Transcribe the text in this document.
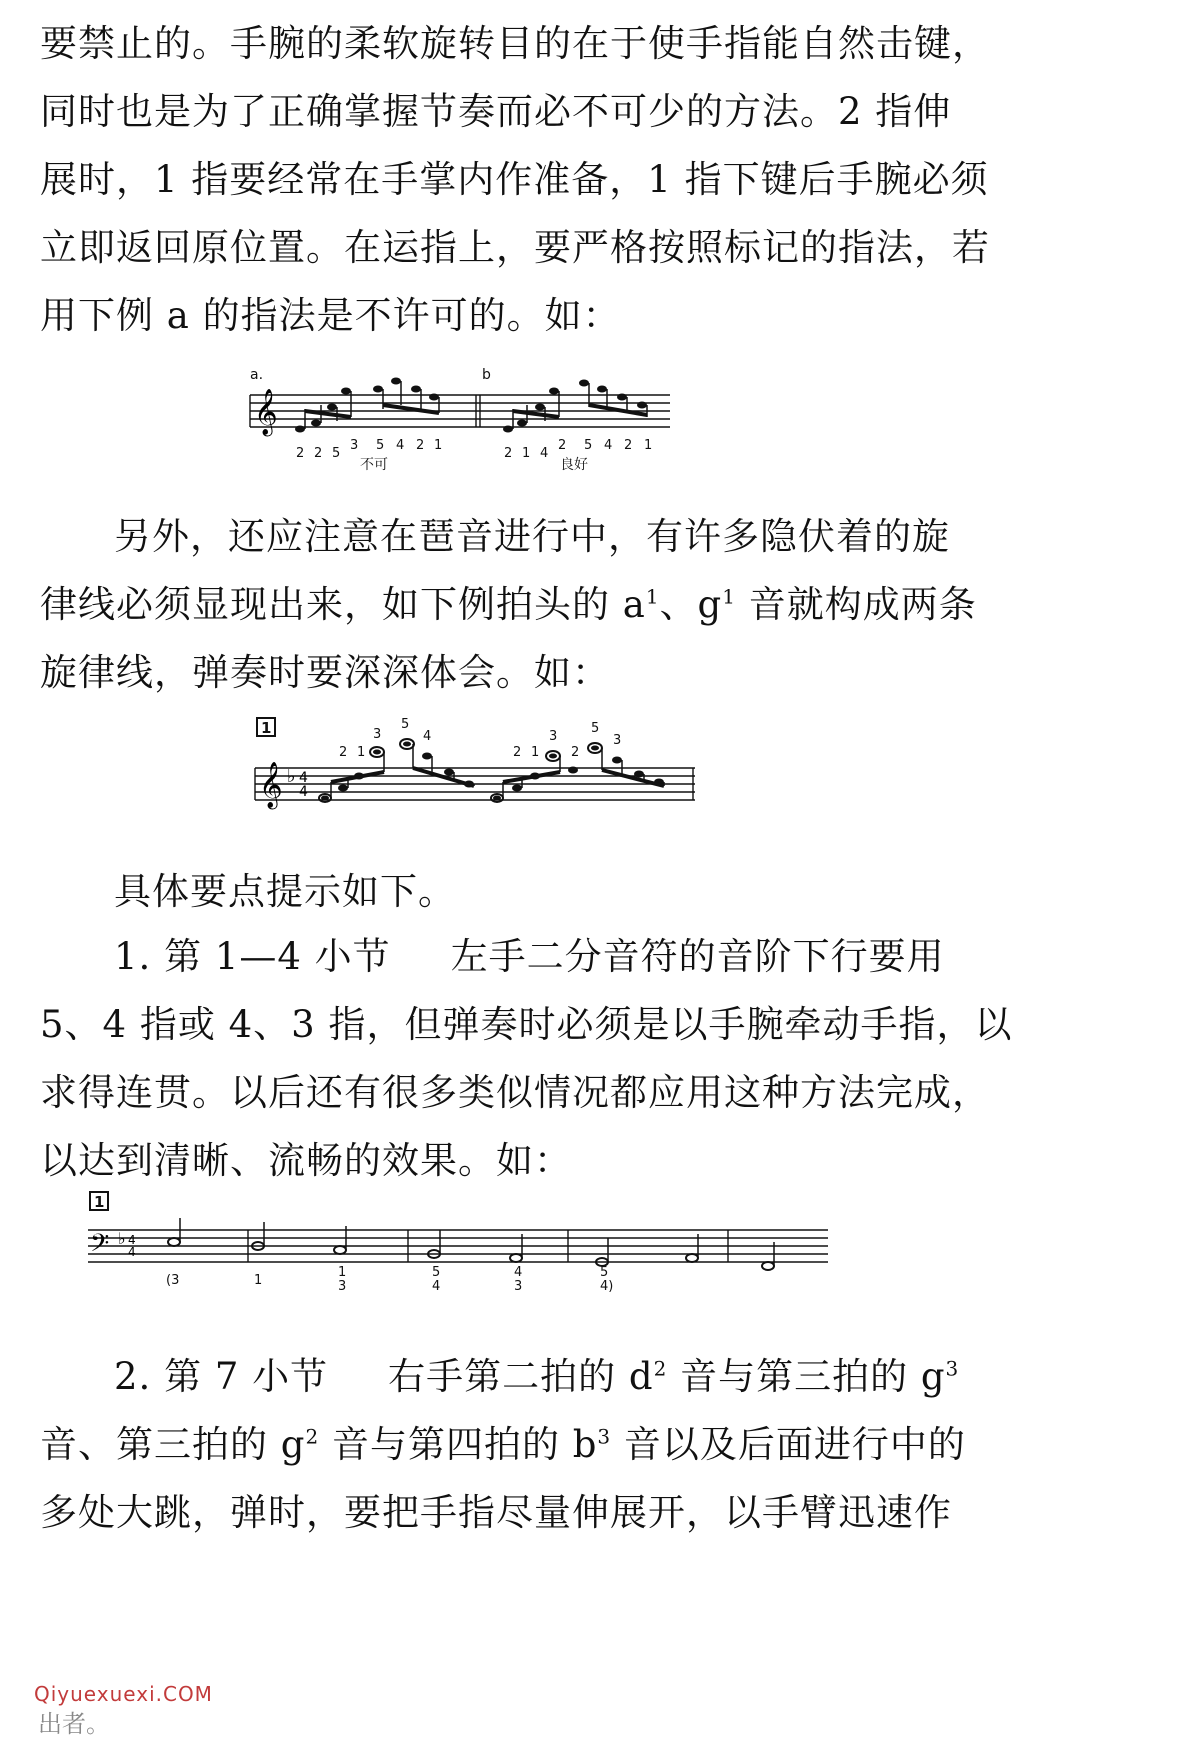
要禁止的。手腕的柔软旋转目的在于使手指能自然击键，
同时也是为了正确掌握节奏而必不可少的方法。2 指伸
展时，1 指要经常在手掌内作准备，1 指下键后手腕必须
立即返回原位置。在运指上，要严格按照标记的指法，若
用下例 a 的指法是不许可的。如：
a.	b
𝄞
2 2 5
3 5 4 2 1
不可
2 1 4
2 5 4 2 1
良好
另外，还应注意在琶音进行中，有许多隐伏着的旋
律线必须显现出来，如下例拍头的 $a^1$、$g^1$ 音就构成两条
旋律线，弹奏时要深深体会。如：
1
𝄞 ♭ 4
4
2 1
3
5
4
2 1
3
2
5
3
具体要点提示如下。
1. 第 1—4 小节 左手二分音符的音阶下行要用
5、4 指或 4、3 指，但弹奏时必须是以手腕牵动手指，以
求得连贯。以后还有很多类似情况都应用这种方法完成，
以达到清晰、流畅的效果。如：
1
𝄢 ♭ 4
4
(3	1
1	5	4	5
3	4	3	4)
2. 第 7 小节 右手第二拍的 $d^2$ 音与第三拍的 $g^3$
音、第三拍的 $g^2$ 音与第四拍的 $b^3$ 音以及后面进行中的
多处大跳，弹时，要把手指尽量伸展开，以手臂迅速作
Qiyuexuexi.COM
出者。
